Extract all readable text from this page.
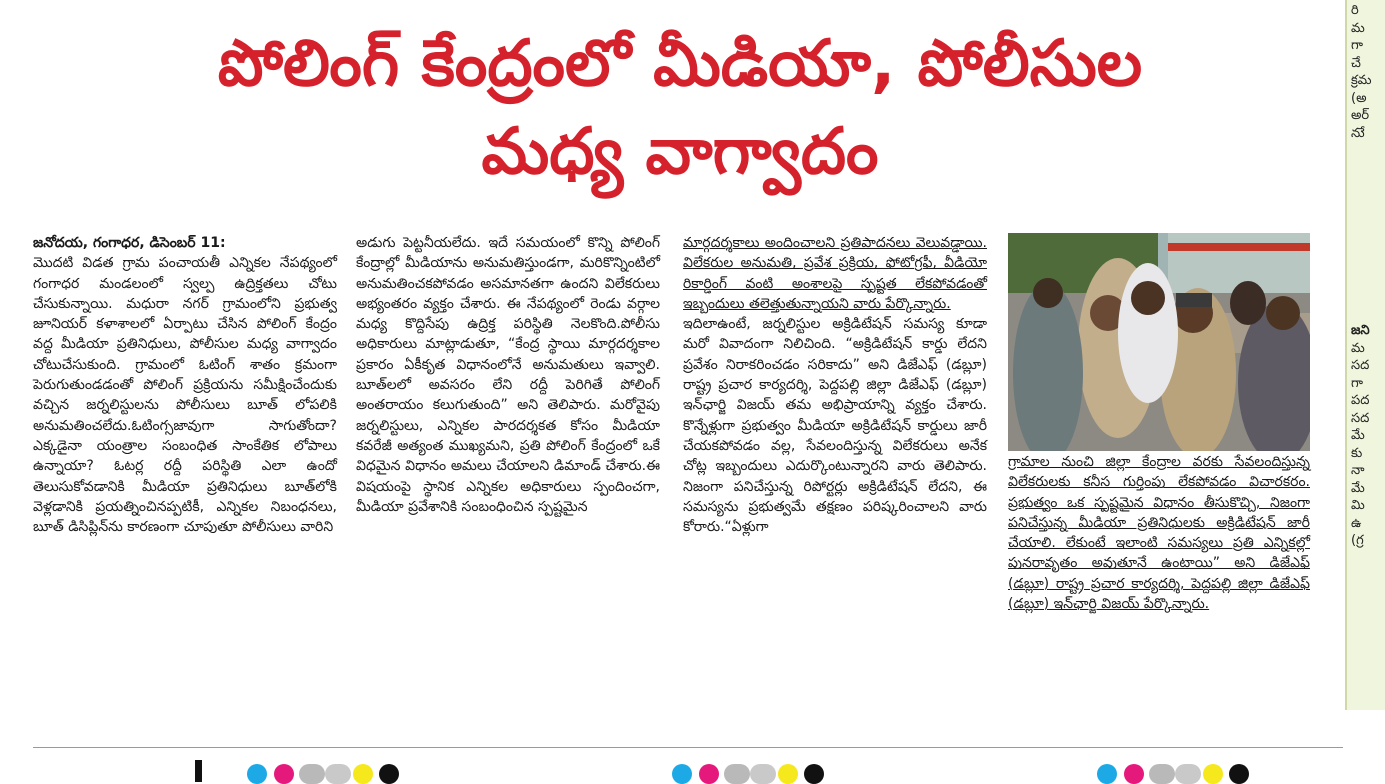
పోలింగ్ కేంద్రంలో మీడియా, పోలీసుల
మధ్య వాగ్వాదం

జనోదయ, గంగాధర, డిసెంబర్ 11:

మొదటి విడత గ్రామ పంచాయతీ ఎన్నికల నేపథ్యంలో గంగాధర మండలంలో స్వల్ప ఉద్రిక్తతలు చోటు చేసుకున్నాయి. మధురా నగర్ గ్రామంలోని ప్రభుత్వ జూనియర్ కళాశాలలో ఏర్పాటు చేసిన పోలింగ్ కేంద్రం వద్ద మీడియా ప్రతినిధులు, పోలీసుల మధ్య వాగ్వాదం చోటుచేసుకుంది. గ్రామంలో ఓటింగ్ శాతం క్రమంగా పెరుగుతుండడంతో పోలింగ్ ప్రక్రియను సమీక్షించేందుకు వచ్చిన జర్నలిస్టులను పోలీసులు బూత్ లోపలికి అనుమతించలేదు.ఓటింగ్సజావుగా సాగుతోందా? ఎక్కడైనా యంత్రాల సంబంధిత సాంకేతిక లోపాలు ఉన్నాయా? ఓటర్ల రద్దీ పరిస్థితి ఎలా ఉందో తెలుసుకోవడానికి మీడియా ప్రతినిధులు బూత్‌లోకి వెళ్లడానికి ప్రయత్నించినప్పటికీ, ఎన్నికల నిబంధనలు, బూత్ డిసిప్లిన్‌ను కారణంగా చూపుతూ పోలీసులు వారిని

అడుగు పెట్టనీయలేదు. ఇదే సమయంలో కొన్ని పోలింగ్ కేంద్రాల్లో మీడియాను అనుమతిస్తుండగా, మరికొన్నింటిలో అనుమతించకపోవడం అసమానతగా ఉందని విలేకరులు అభ్యంతరం వ్యక్తం చేశారు. ఈ నేపథ్యంలో రెండు వర్గాల మధ్య కొద్దిసేపు ఉద్రిక్త పరిస్థితి నెలకొంది.పోలీసు అధికారులు మాట్లాడుతూ, “కేంద్ర స్థాయి మార్గదర్శకాల ప్రకారం ఏకీకృత విధానంలోనే అనుమతులు ఇవ్వాలి. బూత్‌లలో అవసరం లేని రద్దీ పెరిగితే పోలింగ్ అంతరాయం కలుగుతుంది” అని తెలిపారు. మరోవైపు జర్నలిస్టులు, ఎన్నికల పారదర్శకత కోసం మీడియా కవరేజీ అత్యంత ముఖ్యమని, ప్రతి పోలింగ్ కేంద్రంలో ఒకే విధమైన విధానం అమలు చేయాలని డిమాండ్ చేశారు.ఈ విషయంపై స్థానిక ఎన్నికల అధికారులు స్పందించగా, మీడియా ప్రవేశానికి సంబంధించిన స్పష్టమైన

మార్గదర్శకాలు అందించాలని ప్రతిపాదనలు వెలువడ్డాయి. విలేకరుల అనుమతి, ప్రవేశ ప్రక్రియ, ఫోటోగ్రఫీ, వీడియో రికార్డింగ్ వంటి అంశాలపై స్పష్టత లేకపోవడంతో ఇబ్బందులు తలెత్తుతున్నాయని వారు పేర్కొన్నారు.

ఇదిలాఉంటే, జర్నలిస్టుల అక్రిడిటేషన్ సమస్య కూడా మరో వివాదంగా నిలిచింది. “అక్రిడిటేషన్ కార్డు లేదని ప్రవేశం నిరాకరించడం సరికాదు” అని డిజేఎఫ్ (డబ్లూ) రాష్ట్ర ప్రచార కార్యదర్శి, పెద్దపల్లి జిల్లా డిజేఎఫ్ (డబ్లూ) ఇన్‌ఛార్జి విజయ్ తమ అభిప్రాయాన్ని వ్యక్తం చేశారు. కొన్నేళ్లుగా ప్రభుత్వం మీడియా అక్రిడిటేషన్ కార్డులు జారీ చేయకపోవడం వల్ల, సేవలందిస్తున్న విలేకరులు అనేక చోట్ల ఇబ్బందులు ఎదుర్కొంటున్నారని వారు తెలిపారు. నిజంగా పనిచేస్తున్న రిపోర్టర్లు అక్రిడిటేషన్ లేదని, ఈ సమస్యను ప్రభుత్వమే తక్షణం పరిష్కరించాలని వారు కోరారు.“ఏళ్లుగా

గ్రామాల నుంచి జిల్లా కేంద్రాల వరకు సేవలందిస్తున్న విలేకరులకు కనీస గుర్తింపు లేకపోవడం విచారకరం. ప్రభుత్వం ఒక స్పష్టమైన విధానం తీసుకొచ్చి, నిజంగా పనిచేస్తున్న మీడియా ప్రతినిధులకు అక్రిడిటేషన్ జారీ చేయాలి. లేకుంటే ఇలాంటి సమస్యలు ప్రతి ఎన్నికల్లో పునరావృతం అవుతూనే ఉంటాయి” అని డిజేఎఫ్ (డబ్లూ) రాష్ట్ర ప్రచార కార్యదర్శి, పెద్దపల్లి జిల్లా డిజేఎఫ్ (డబ్లూ) ఇన్‌ఛార్జి విజయ్ పేర్కొన్నారు.

రి
మ
గా
చే
క్రమ
(అ
అర్
నుే
జని
మ
సద
గా
పద
సద
మే
కు
నా
మే
మి
ఉ
(గ్ర
